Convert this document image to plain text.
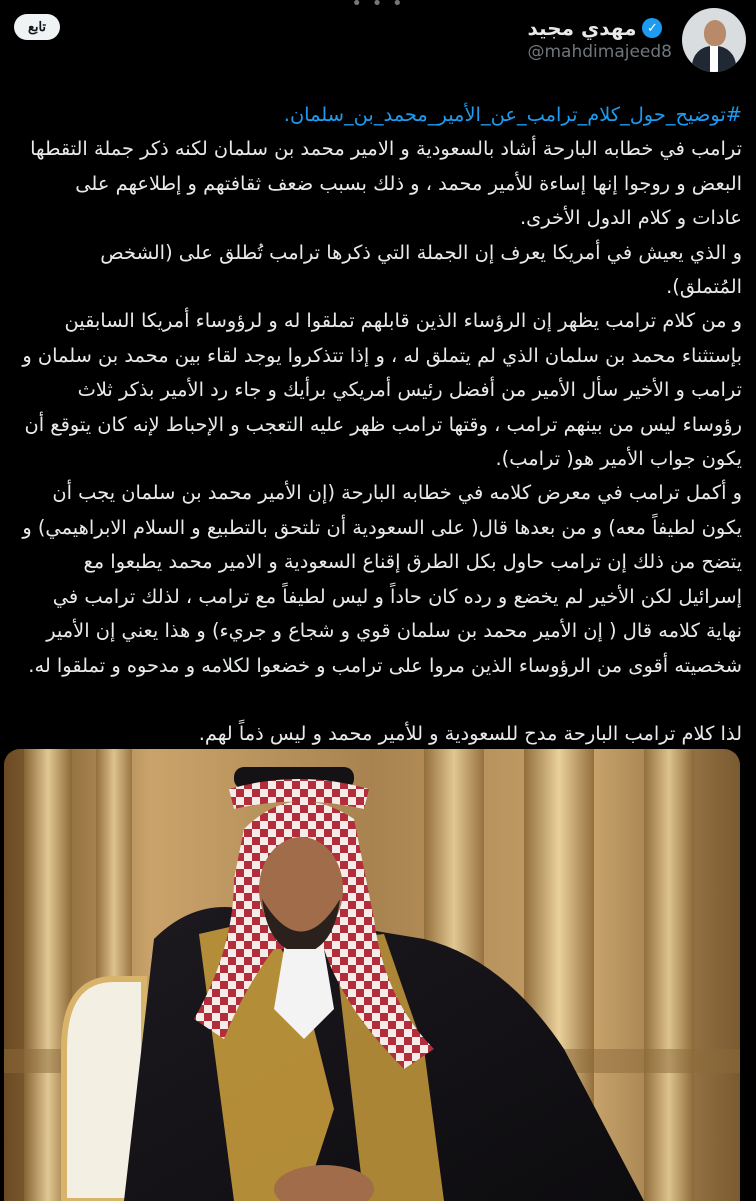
• • •
تابع	مهدي مجيد ✓
@mahdimajeed8

#توضيح_حول_كلام_ترامب_عن_الأمير_محمد_بن_سلمان.

ترامب في خطابه البارحة أشاد بالسعودية و الامير محمد بن سلمان لكنه ذكر جملة التقطها البعض و روجوا إنها إساءة للأمير محمد ، و ذلك بسبب ضعف ثقافتهم و إطلاعهم على عادات و كلام الدول الأخرى.

و الذي يعيش في أمريكا يعرف إن الجملة التي ذكرها ترامب تُطلق على (الشخص المُتملق).

و من كلام ترامب يظهر إن الرؤساء الذين قابلهم تملقوا له و لرؤوساء أمريكا السابقين بإستثناء محمد بن سلمان الذي لم يتملق له ، و إذا تتذكروا يوجد لقاء بين محمد بن سلمان و ترامب و الأخير سأل الأمير من أفضل رئيس أمريكي برأيك و جاء رد الأمير بذكر ثلاث رؤوساء ليس من بينهم ترامب ، وقتها ترامب ظهر عليه التعجب و الإحباط لإنه كان يتوقع أن يكون جواب الأمير هو( ترامب).

و أكمل ترامب في معرض كلامه في خطابه البارحة (إن الأمير محمد بن سلمان يجب أن يكون لطيفاً معه) و من بعدها قال( على السعودية أن تلتحق بالتطبيع و السلام الابراهيمي) و يتضح من ذلك إن ترامب حاول بكل الطرق إقناع السعودية و الامير محمد يطبعوا مع إسرائيل لكن الأخير لم يخضع و رده كان حاداً و ليس لطيفاً مع ترامب ، لذلك ترامب في نهاية كلامه قال ( إن الأمير محمد بن سلمان قوي و شجاع و جريء) و هذا يعني إن الأمير شخصيته أقوى من الرؤوساء الذين مروا على ترامب و خضعوا لكلامه و مدحوه و تملقوا له.

لذا كلام ترامب البارحة مدح للسعودية و للأمير محمد و ليس ذماً لهم.
